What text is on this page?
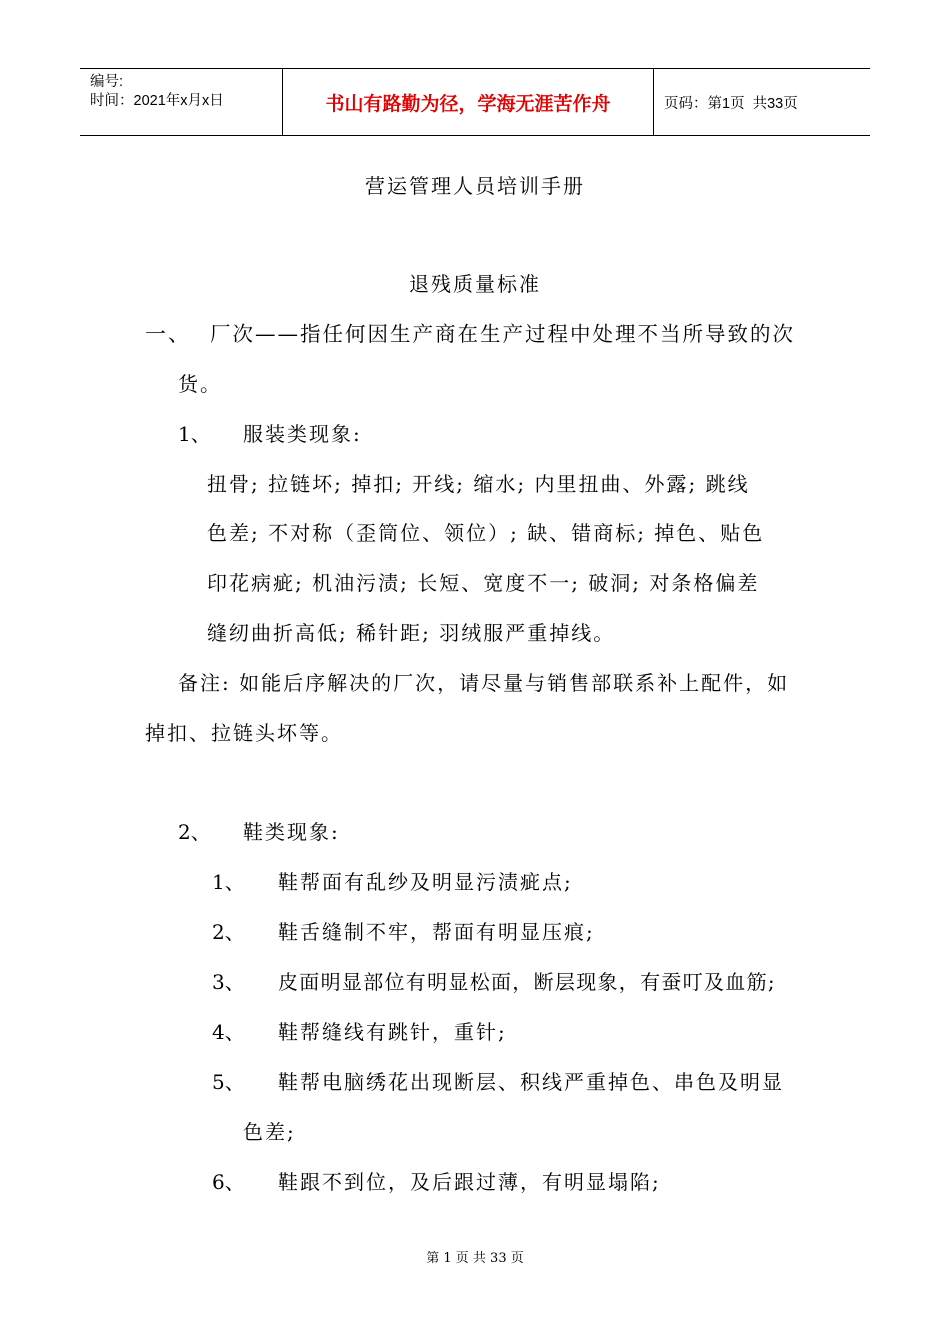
编号:
时间：2021年x月x日	书山有路勤为径，学海无涯苦作舟	页码：第1页  共33页
营运管理人员培训手册
退残质量标准
一、 厂次——指任何因生产商在生产过程中处理不当所导致的次
货。
1、 服装类现象:
扭骨; 拉链坏; 掉扣; 开线; 缩水; 内里扭曲、外露; 跳线
色差; 不对称（歪筒位、领位）; 缺、错商标; 掉色、贴色
印花病疵; 机油污渍; 长短、宽度不一; 破洞; 对条格偏差
缝纫曲折高低; 稀针距; 羽绒服严重掉线。
备注: 如能后序解决的厂次，请尽量与销售部联系补上配件，如
掉扣、拉链头坏等。
2、 鞋类现象:
1、 鞋帮面有乱纱及明显污渍疵点;
2、 鞋舌缝制不牢，帮面有明显压痕;
3、 皮面明显部位有明显松面，断层现象，有蚕叮及血筋;
4、 鞋帮缝线有跳针，重针;
5、 鞋帮电脑绣花出现断层、积线严重掉色、串色及明显
色差;
6、 鞋跟不到位，及后跟过薄，有明显塌陷;
第 1 页 共 33 页
